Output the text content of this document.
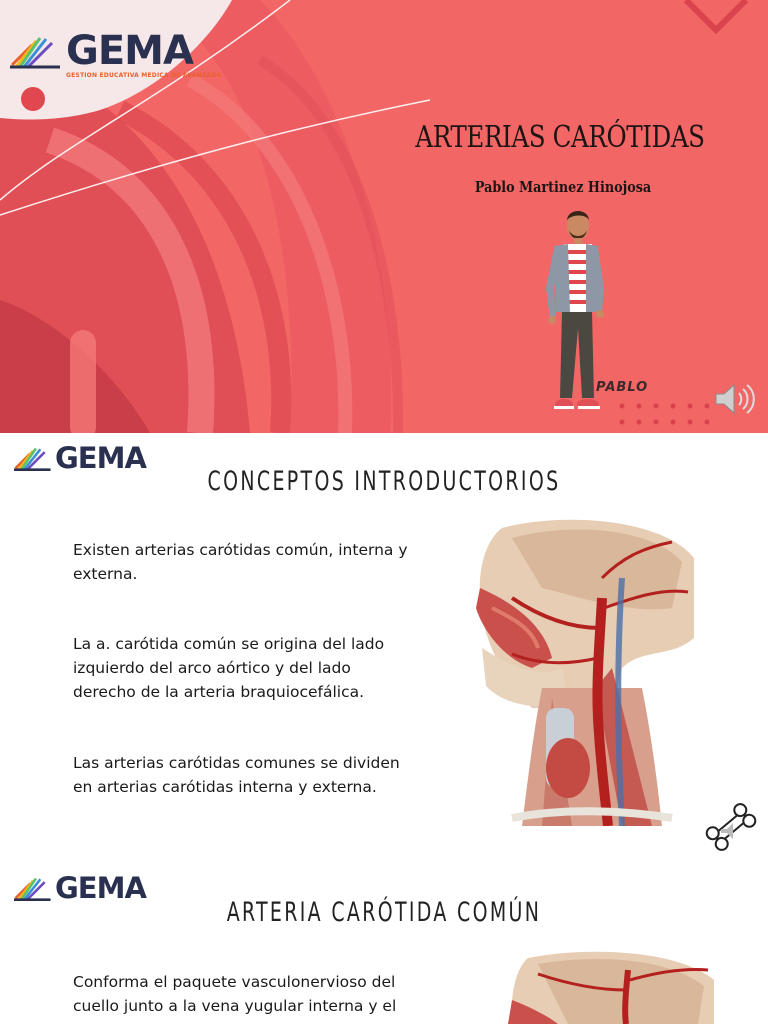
GEMA
GESTION EDUCATIVA MEDICA DE AVANZADA
ARTERIAS CARÓTIDAS
Pablo Martinez Hinojosa
PABLO
GEMA
CONCEPTOS INTRODUCTORIOS
Existen arterias carótidas común, interna y
externa.
La a. carótida común se origina del lado
izquierdo del arco aórtico y del lado
derecho de la arteria braquiocefálica.
Las arterias carótidas comunes se dividen
en arterias carótidas interna y externa.
GEMA
ARTERIA CARÓTIDA COMÚN
Conforma el paquete vasculonervioso del
cuello junto a la vena yugular interna y el
